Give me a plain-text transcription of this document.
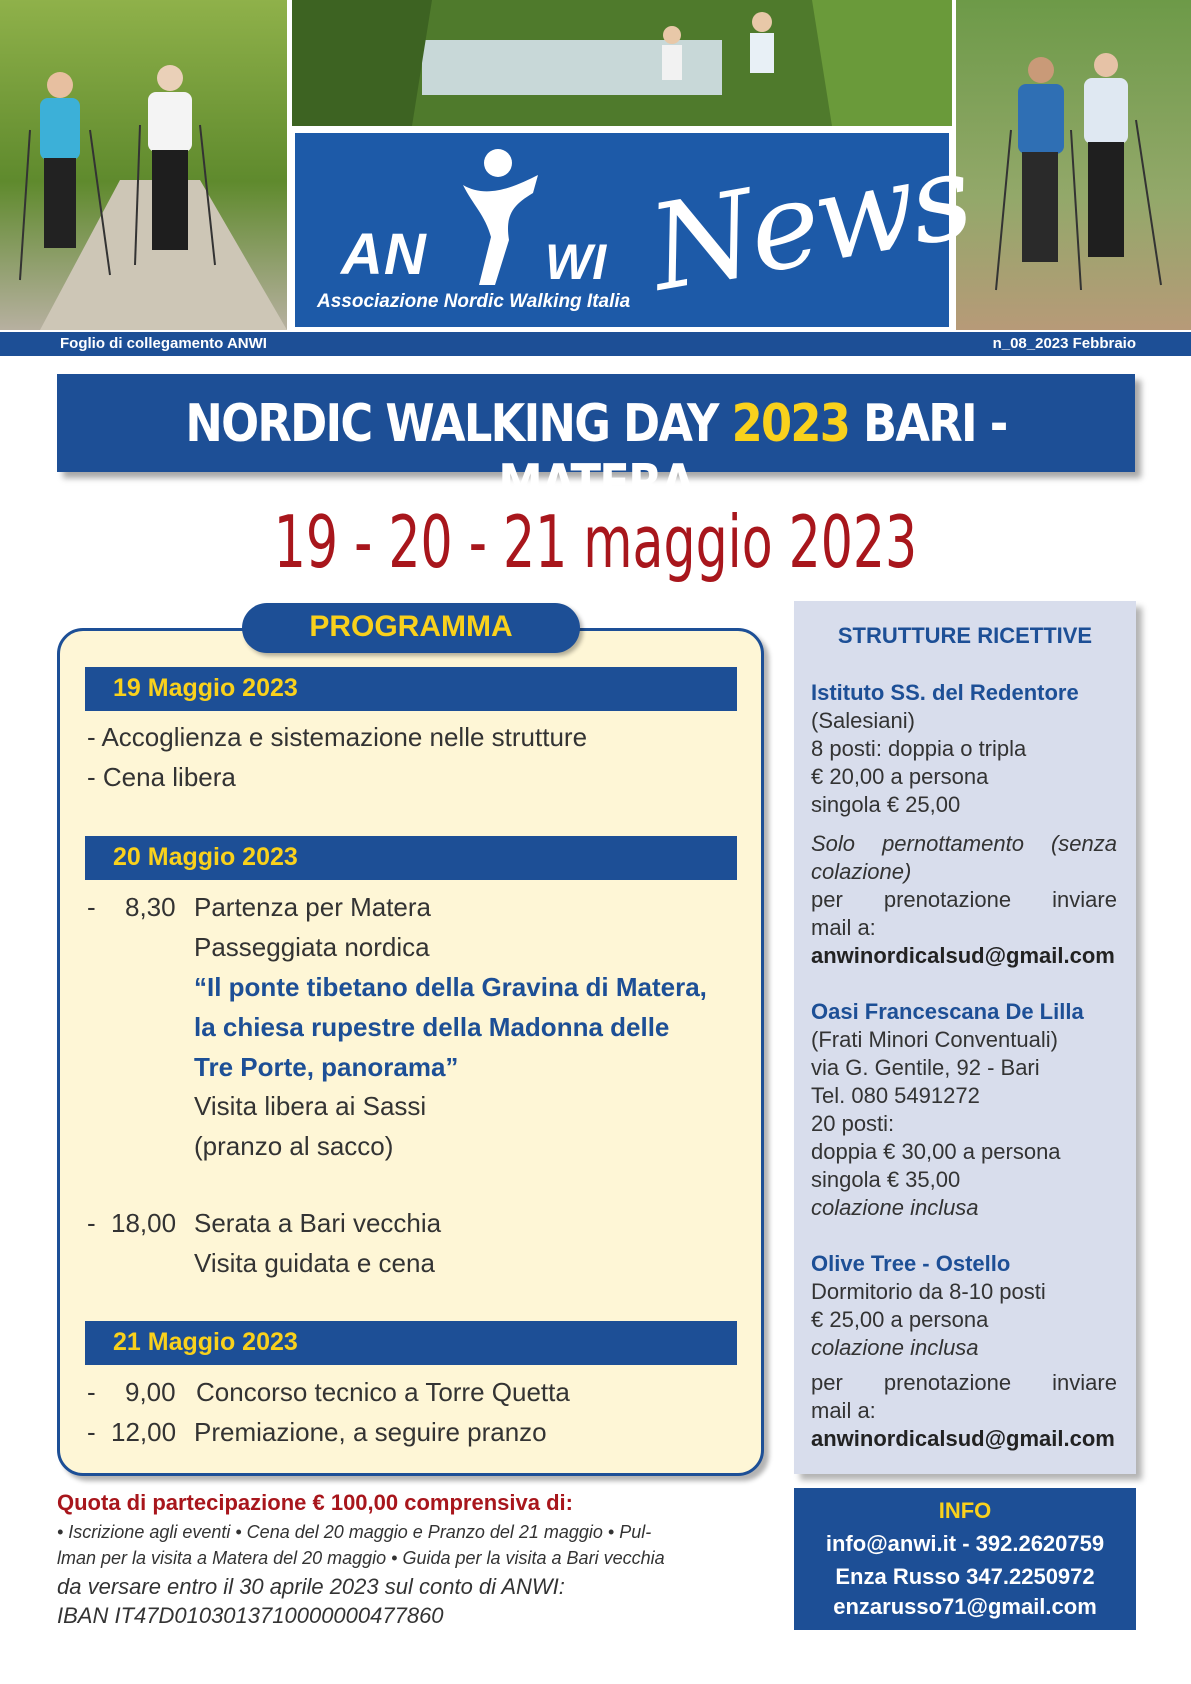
AN WI News
Associazione Nordic Walking Italia
Foglio di collegamento ANWI	n_08_2023 Febbraio
NORDIC WALKING DAY 2023 BARI - MATERA
19 - 20 - 21 maggio 2023
PROGRAMMA
19 Maggio 2023
- Accoglienza e sistemazione nelle strutture
- Cena libera
20 Maggio 2023
- 8,30 Partenza per Matera
Passeggiata nordica
“Il ponte tibetano della Gravina di Matera,
la chiesa rupestre della Madonna delle
Tre Porte, panorama”
Visita libera ai Sassi
(pranzo al sacco)
- 18,00 Serata a Bari vecchia
Visita guidata e cena
21 Maggio 2023
- 9,00 Concorso tecnico a Torre Quetta
- 12,00 Premiazione, a seguire pranzo
STRUTTURE RICETTIVE
Istituto SS. del Redentore
(Salesiani)
8 posti: doppia o tripla
€ 20,00 a persona
singola € 25,00
Solo pernottamento (senza
colazione)
per prenotazione inviare
mail a:
anwinordicalsud@gmail.com
Oasi Francescana De Lilla
(Frati Minori Conventuali)
via G. Gentile, 92 - Bari
Tel. 080 5491272
20 posti:
doppia € 30,00 a persona
singola € 35,00
colazione inclusa
Olive Tree - Ostello
Dormitorio da 8-10 posti
€ 25,00 a persona
colazione inclusa
per prenotazione inviare
mail a:
anwinordicalsud@gmail.com
INFO
info@anwi.it - 392.2620759
Enza Russo 347.2250972
enzarusso71@gmail.com
Quota di partecipazione € 100,00 comprensiva di:
• Iscrizione agli eventi • Cena del 20 maggio e Pranzo del 21 maggio • Pul-
lman per la visita a Matera del 20 maggio • Guida per la visita a Bari vecchia
da versare entro il 30 aprile 2023 sul conto di ANWI:
IBAN IT47D0103013710000000477860
